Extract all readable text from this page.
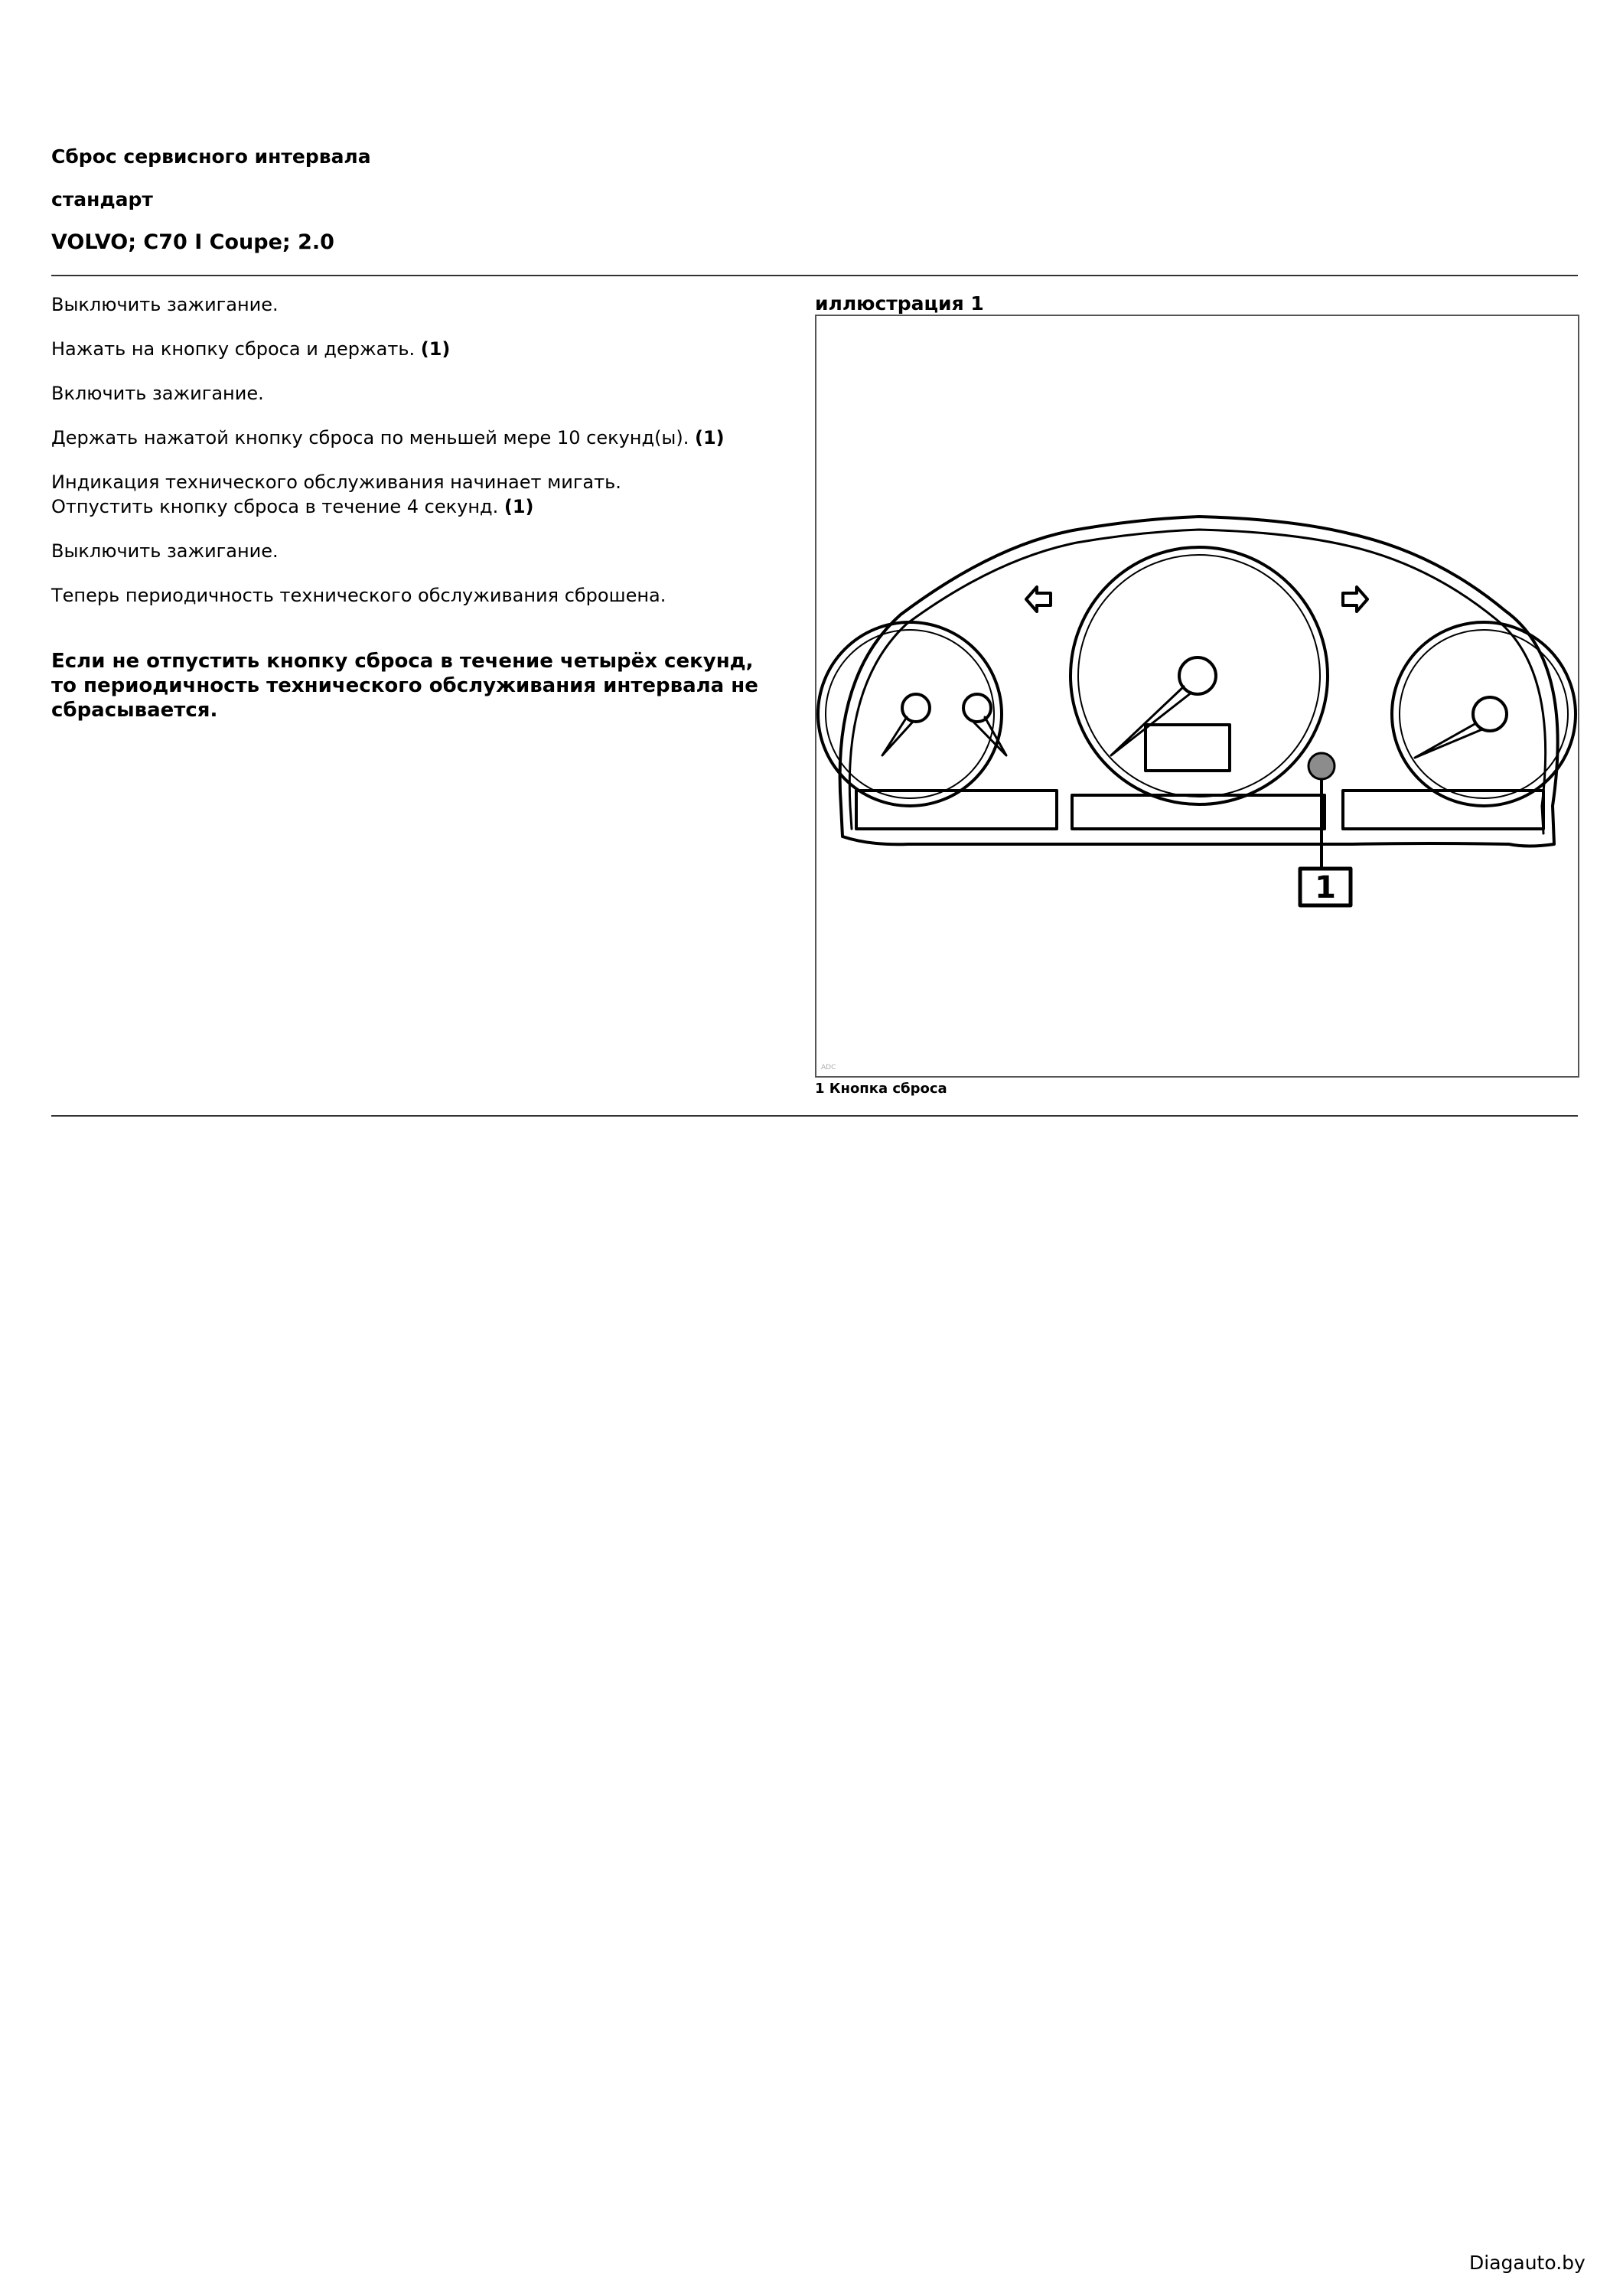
Сброс сервисного интервала
стандарт
VOLVO; C70 I Coupe; 2.0
Выключить зажигание.
Нажать на кнопку сброса и держать. (1)
Включить зажигание.
Держать нажатой кнопку сброса по меньшей мере 10 секунд(ы). (1)
Индикация технического обслуживания начинает мигать.
Отпустить кнопку сброса в течение 4 секунд. (1)
Выключить зажигание.
Теперь периодичность технического обслуживания сброшена.
Если не отпустить кнопку сброса в течение четырёх секунд, то периодичность технического обслуживания интервала не сбрасывается.
иллюстрация 1
1
ADC
1 Кнопка сброса
Diagauto.by
